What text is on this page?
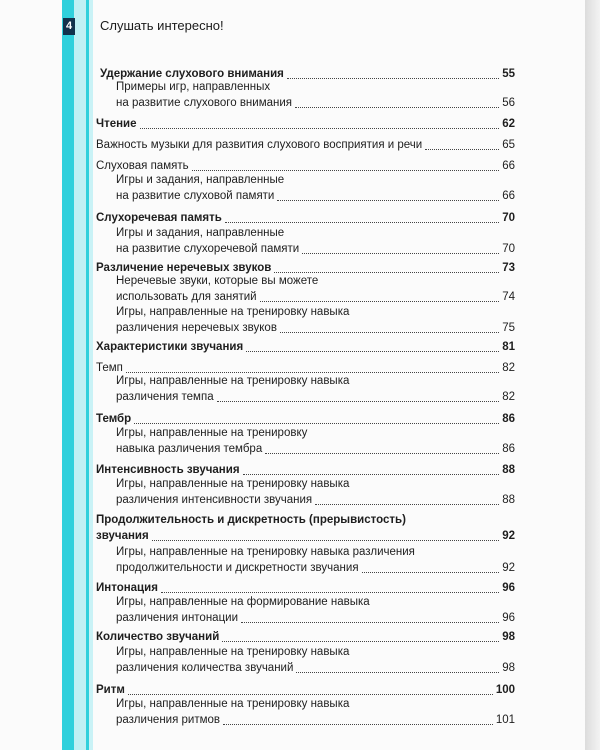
4 Слушать интересно!
Удержание слухового внимания	55
Примеры игр, направленных
на развитие слухового внимания	56
Чтение	62
Важность музыки для развития слухового восприятия и речи	65
Слуховая память	66
Игры и задания, направленные
на развитие слуховой памяти	66
Слухоречевая память	70
Игры и задания, направленные
на развитие слухоречевой памяти	70
Различение неречевых звуков	73
Неречевые звуки, которые вы можете
использовать для занятий	74
Игры, направленные на тренировку навыка
различения неречевых звуков	75
Характеристики звучания	81
Темп	82
Игры, направленные на тренировку навыка
различения темпа	82
Тембр	86
Игры, направленные на тренировку
навыка различения тембра	86
Интенсивность звучания	88
Игры, направленные на тренировку навыка
различения интенсивности звучания	88
Продолжительность и дискретность (прерывистость)
звучания	92
Игры, направленные на тренировку навыка различения
продолжительности и дискретности звучания	92
Интонация	96
Игры, направленные на формирование навыка
различения интонации	96
Количество звучаний	98
Игры, направленные на тренировку навыка
различения количества звучаний	98
Ритм	100
Игры, направленные на тренировку навыка
различения ритмов	101
